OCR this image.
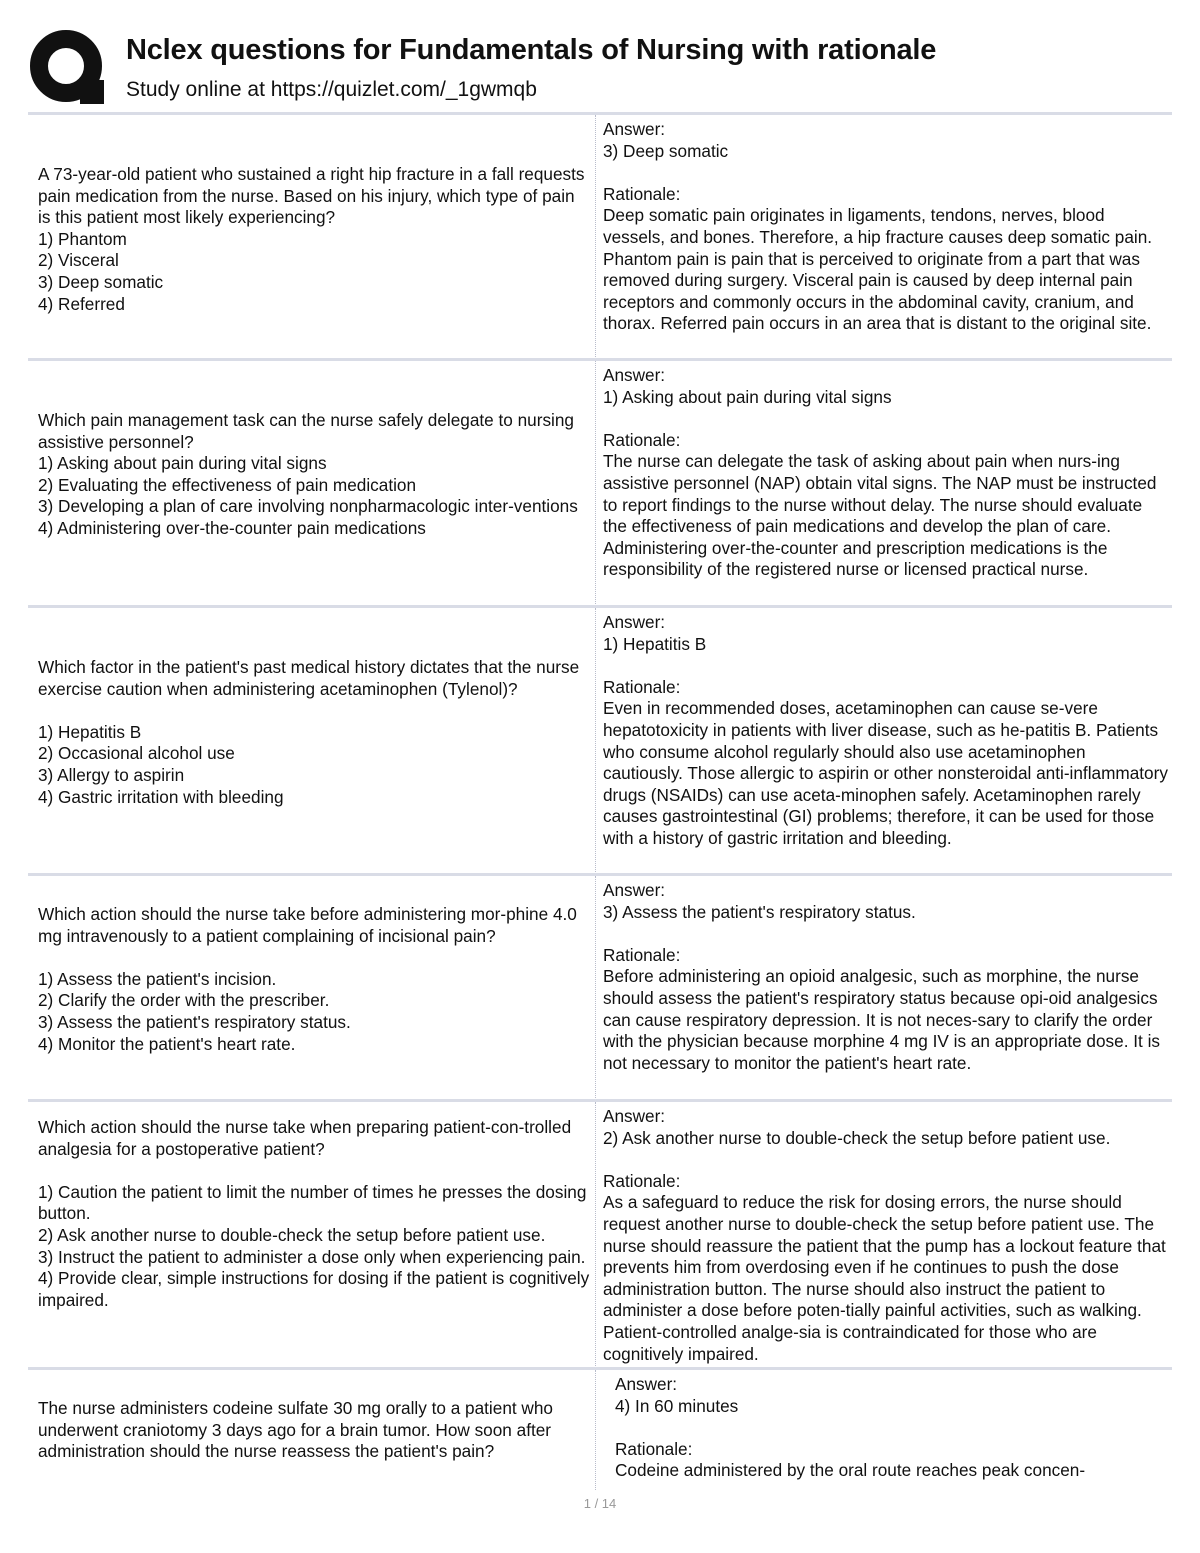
Nclex questions for Fundamentals of Nursing with rationale
Study online at https://quizlet.com/_1gwmqb
A 73-year-old patient who sustained a right hip fracture in a fall requests pain medication from the nurse. Based on his injury, which type of pain is this patient most likely experiencing?
1) Phantom
2) Visceral
3) Deep somatic
4) Referred
Answer:
3) Deep somatic
Rationale:
Deep somatic pain originates in ligaments, tendons, nerves, blood vessels, and bones. Therefore, a hip fracture causes deep somatic pain. Phantom pain is pain that is perceived to originate from a part that was removed during surgery. Visceral pain is caused by deep internal pain receptors and commonly occurs in the abdominal cavity, cranium, and thorax. Referred pain occurs in an area that is distant to the original site.
Which pain management task can the nurse safely delegate to nursing assistive personnel?
1) Asking about pain during vital signs
2) Evaluating the effectiveness of pain medication
3) Developing a plan of care involving nonpharmacologic inter-ventions
4) Administering over-the-counter pain medications
Answer:
1) Asking about pain during vital signs
Rationale:
The nurse can delegate the task of asking about pain when nurs-ing assistive personnel (NAP) obtain vital signs. The NAP must be instructed to report findings to the nurse without delay. The nurse should evaluate the effectiveness of pain medications and develop the plan of care. Administering over-the-counter and prescription medications is the responsibility of the registered nurse or licensed practical nurse.
Which factor in the patient's past medical history dictates that the nurse exercise caution when administering acetaminophen (Tylenol)?

1) Hepatitis B
2) Occasional alcohol use
3) Allergy to aspirin
4) Gastric irritation with bleeding
Answer:
1) Hepatitis B
Rationale:
Even in recommended doses, acetaminophen can cause se-vere hepatotoxicity in patients with liver disease, such as he-patitis B. Patients who consume alcohol regularly should also use acetaminophen cautiously. Those allergic to aspirin or other nonsteroidal anti-inflammatory drugs (NSAIDs) can use aceta-minophen safely. Acetaminophen rarely causes gastrointestinal (GI) problems; therefore, it can be used for those with a history of gastric irritation and bleeding.
Which action should the nurse take before administering mor-phine 4.0 mg intravenously to a patient complaining of incisional pain?

1) Assess the patient's incision.
2) Clarify the order with the prescriber.
3) Assess the patient's respiratory status.
4) Monitor the patient's heart rate.
Answer:
3) Assess the patient's respiratory status.
Rationale:
Before administering an opioid analgesic, such as morphine, the nurse should assess the patient's respiratory status because opi-oid analgesics can cause respiratory depression. It is not neces-sary to clarify the order with the physician because morphine 4 mg IV is an appropriate dose. It is not necessary to monitor the patient's heart rate.
Which action should the nurse take when preparing patient-con-trolled analgesia for a postoperative patient?

1) Caution the patient to limit the number of times he presses the dosing button.
2) Ask another nurse to double-check the setup before patient use.
3) Instruct the patient to administer a dose only when experiencing pain.
4) Provide clear, simple instructions for dosing if the patient is cognitively impaired.
Answer:
2) Ask another nurse to double-check the setup before patient use.
Rationale:
As a safeguard to reduce the risk for dosing errors, the nurse should request another nurse to double-check the setup before patient use. The nurse should reassure the patient that the pump has a lockout feature that prevents him from overdosing even if he continues to push the dose administration button. The nurse should also instruct the patient to administer a dose before poten-tially painful activities, such as walking. Patient-controlled analge-sia is contraindicated for those who are cognitively impaired.
The nurse administers codeine sulfate 30 mg orally to a patient who underwent craniotomy 3 days ago for a brain tumor. How soon after administration should the nurse reassess the patient's pain?
Answer:
4) In 60 minutes
Rationale:
Codeine administered by the oral route reaches peak concen-
1 / 14
